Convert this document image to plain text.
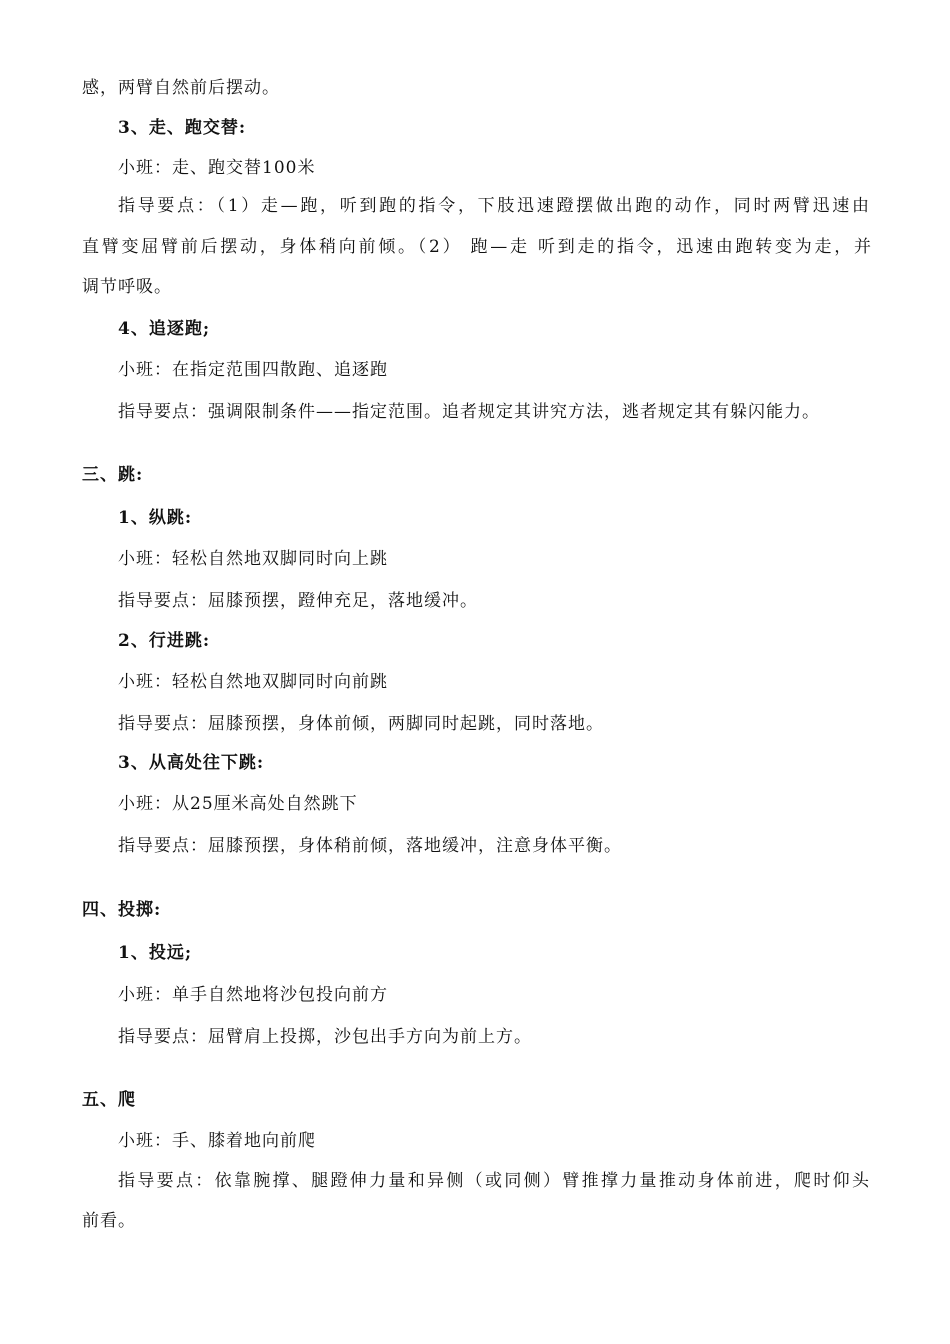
感，两臂自然前后摆动。
3、走、跑交替:
小班：走、跑交替100米
指导要点：（1）走—跑，听到跑的指令，下肢迅速蹬摆做出跑的动作，同时两臂迅速由
直臂变屈臂前后摆动，身体稍向前倾。（2） 跑—走 听到走的指令，迅速由跑转变为走，并
调节呼吸。
4、追逐跑;
小班：在指定范围四散跑、追逐跑
指导要点：强调限制条件——指定范围。追者规定其讲究方法，逃者规定其有躲闪能力。
三、跳:
1、纵跳:
小班：轻松自然地双脚同时向上跳
指导要点：屈膝预摆，蹬伸充足，落地缓冲。
2、行进跳:
小班：轻松自然地双脚同时向前跳
指导要点：屈膝预摆，身体前倾，两脚同时起跳，同时落地。
3、从高处往下跳:
小班：从25厘米高处自然跳下
指导要点：屈膝预摆，身体稍前倾，落地缓冲，注意身体平衡。
四、投掷:
1、投远;
小班：单手自然地将沙包投向前方
指导要点：屈臂肩上投掷，沙包出手方向为前上方。
五、爬
小班：手、膝着地向前爬
指导要点：依靠腕撑、腿蹬伸力量和异侧（或同侧）臂推撑力量推动身体前进，爬时仰头
前看。
